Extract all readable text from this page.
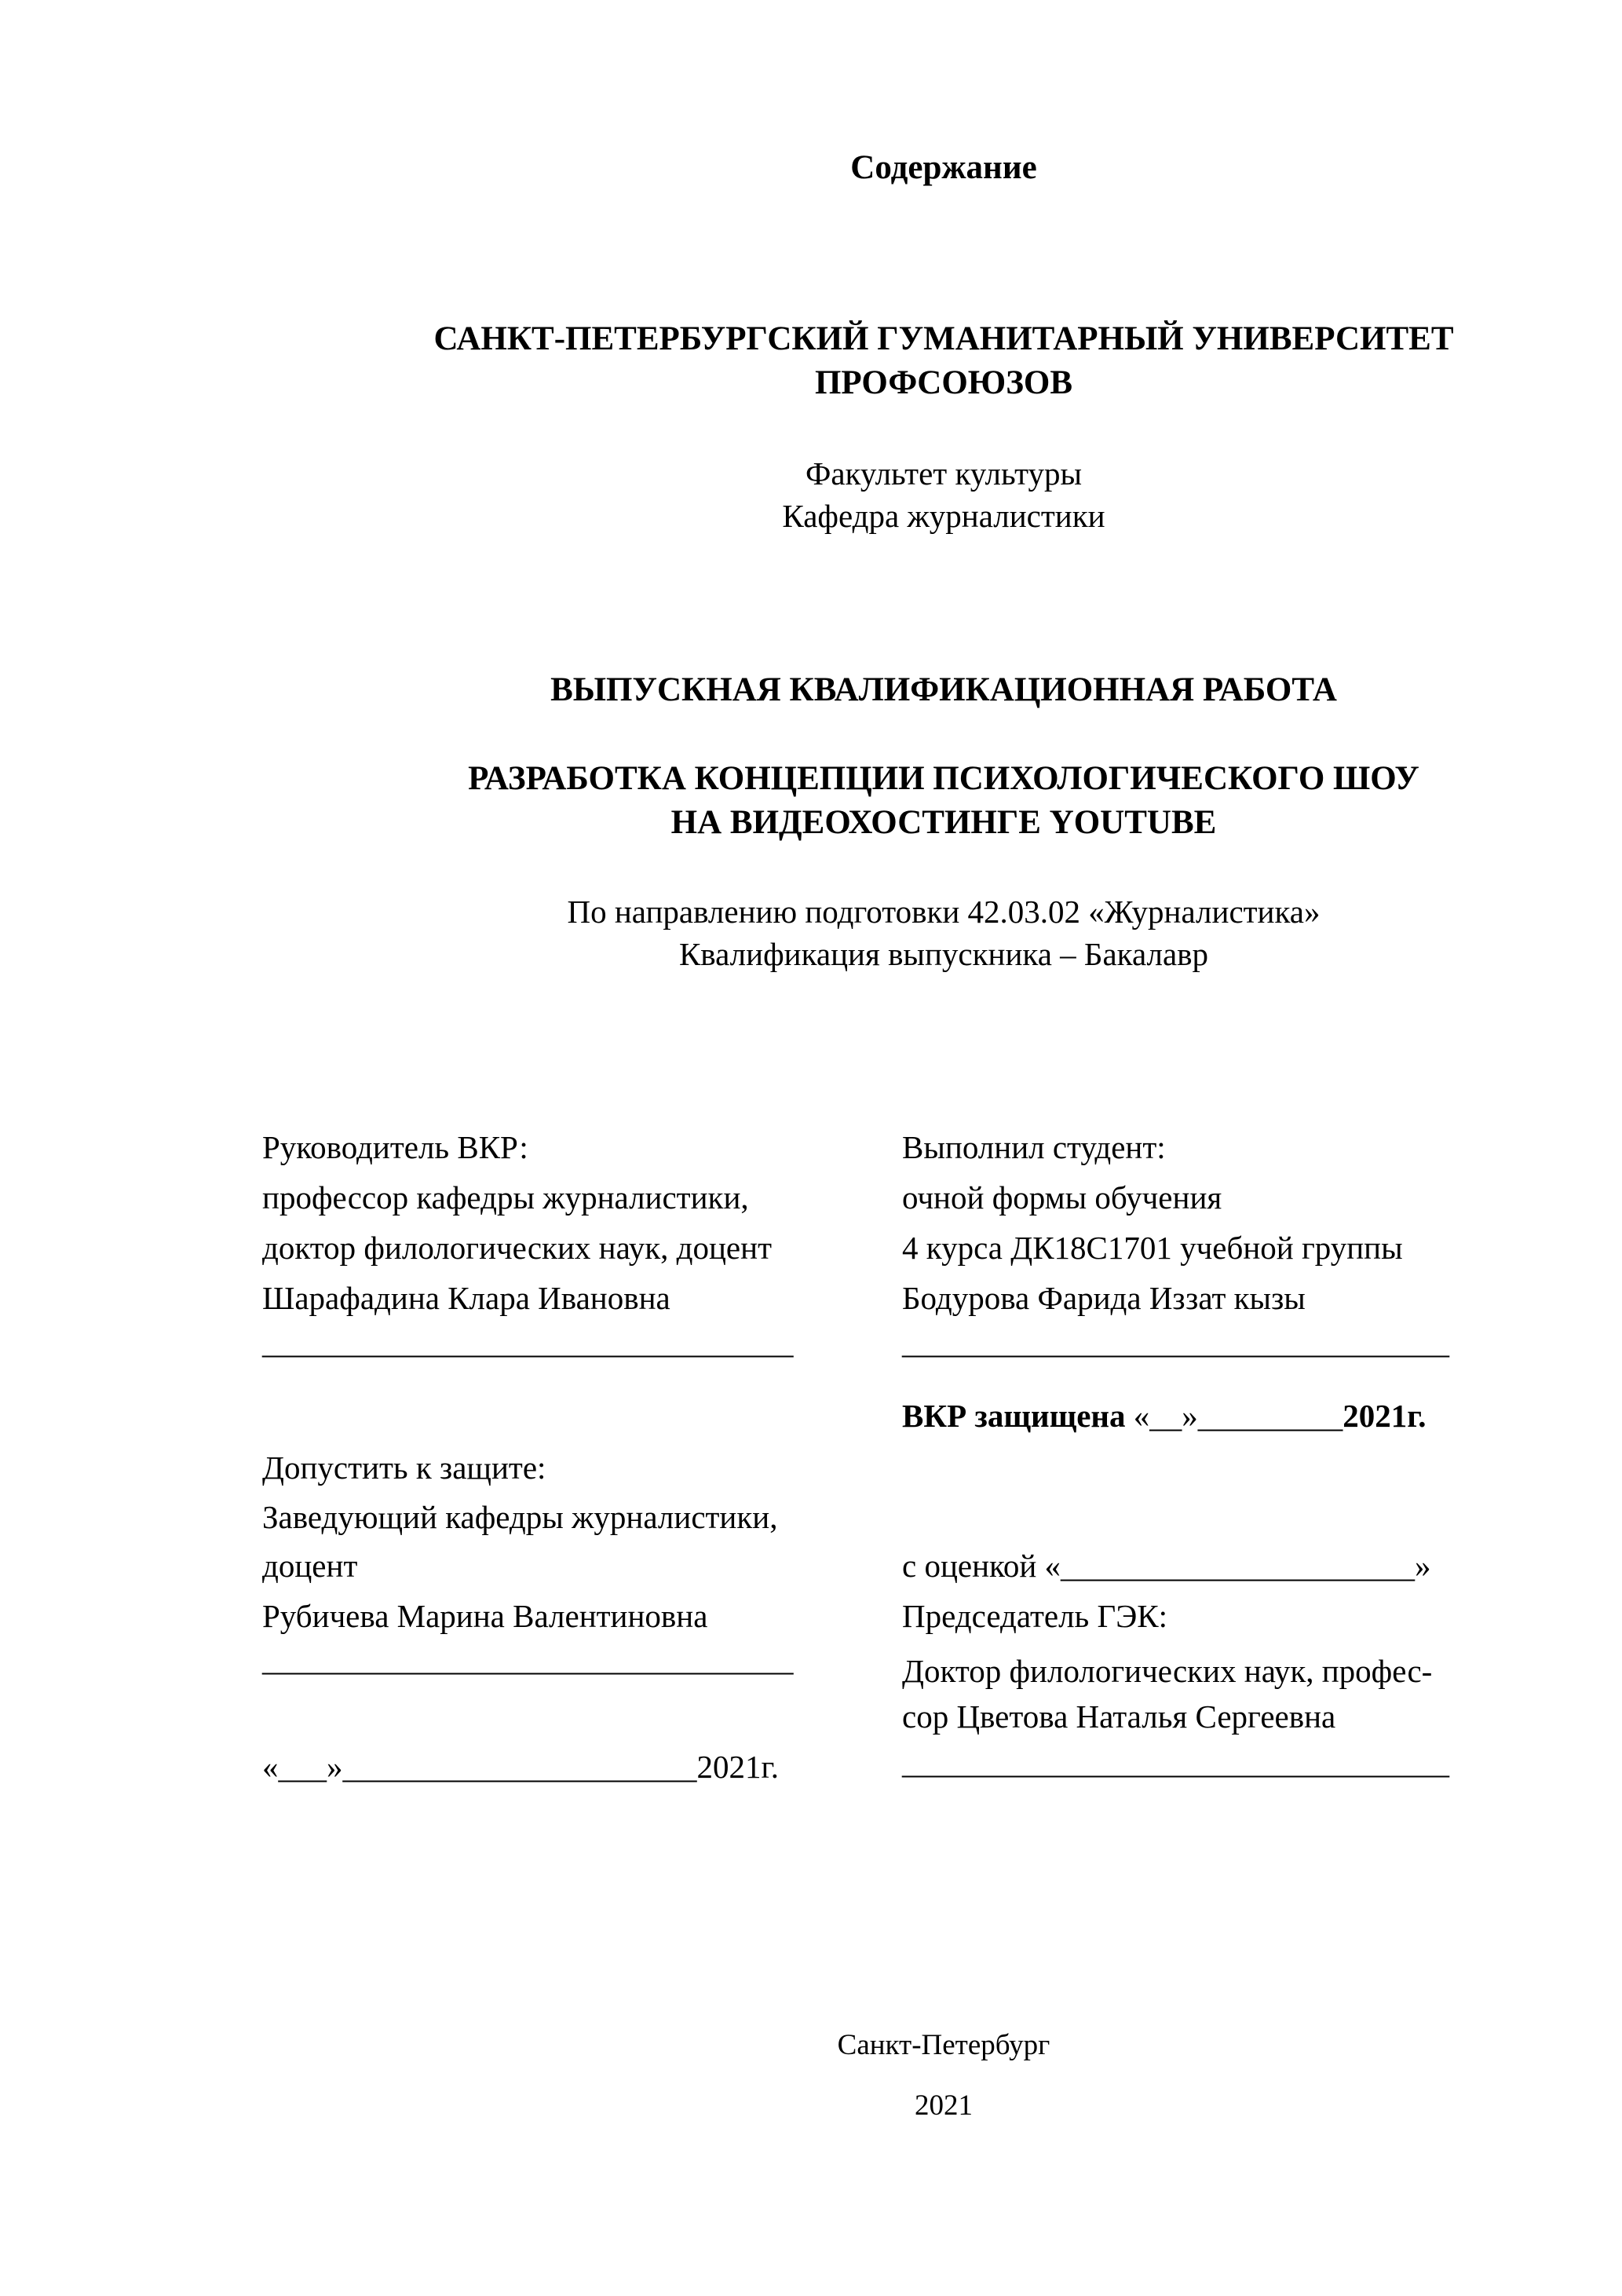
Содержание
САНКТ-ПЕТЕРБУРГСКИЙ ГУМАНИТАРНЫЙ УНИВЕРСИТЕТ
ПРОФСОЮЗОВ
Факультет культуры
Кафедра журналистики
ВЫПУСКНАЯ КВАЛИФИКАЦИОННАЯ РАБОТА
РАЗРАБОТКА КОНЦЕПЦИИ ПСИХОЛОГИЧЕСКОГО ШОУ
НА ВИДЕОХОСТИНГЕ YOUTUBE
По направлению подготовки 42.03.02 «Журналистика»
Квалификация выпускника – Бакалавр
Руководитель ВКР:
профессор кафедры журналистики,
доктор филологических наук, доцент
Шарафадина Клара Ивановна
_________________________________
Допустить к защите:
Заведующий кафедры журналистики,
доцент
Рубичева Марина Валентиновна
_________________________________
«___»______________________2021г.
Выполнил студент:
очной формы обучения
4 курса ДК18С1701 учебной группы
Бодурова Фарида Иззат кызы
__________________________________
ВКР защищена «__»_________2021г.
с оценкой «______________________»
Председатель ГЭК:
Доктор филологических наук, профес-
сор Цветова Наталья Сергеевна
__________________________________
Санкт-Петербург
2021
